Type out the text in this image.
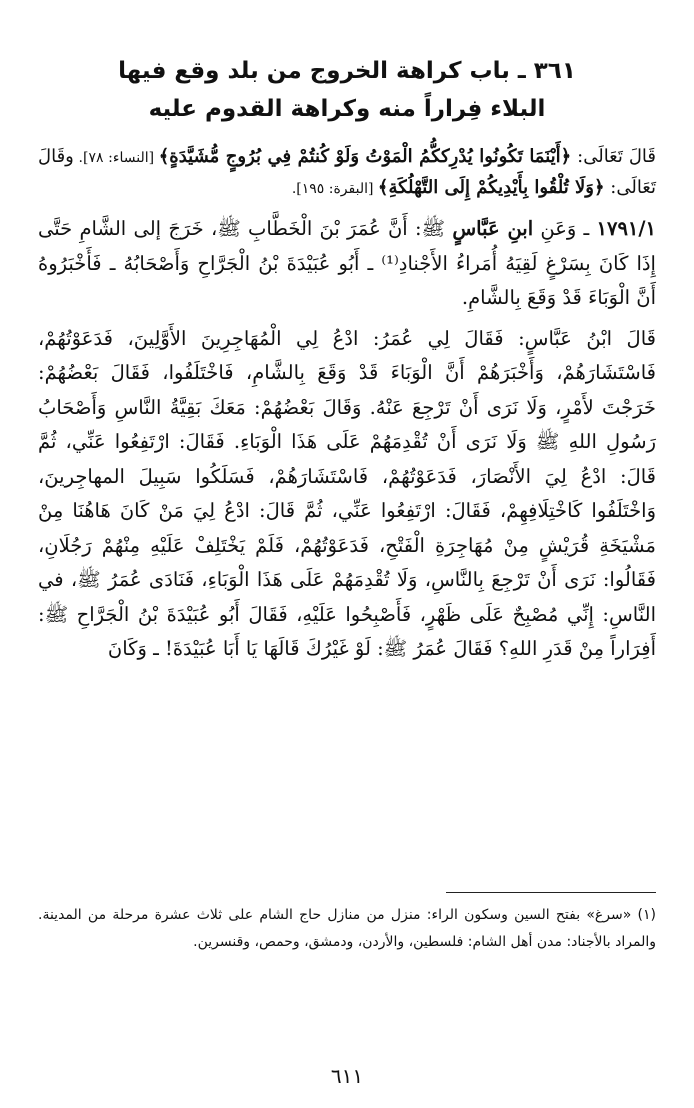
٣٦١ ـ باب كراهة الخروج من بلد وقع فيها
البلاء فِراراً منه وكراهة القدوم عليه
قَالَ تَعَالَى: ﴿أَيْنَمَا تَكُونُوا يُدْرِككُّمُ الْمَوْتُ وَلَوْ كُنتُمْ فِي بُرُوجٍ مُّشَيَّدَةٍ﴾ [النساء: ٧٨]. وقَالَ تَعَالَى: ﴿وَلَا تُلْقُوا بِأَيْدِيكُمْ إِلَى التَّهْلُكَةِ﴾ [البقرة: ١٩٥].

١٧٩١/١ ـ وَعَنِ ابنِ عَبَّاسٍ ﷺ: أَنَّ عُمَرَ بْنَ الْخَطَّابِ ﷺ، خَرَجَ إلى الشَّامِ حَتَّى إِذَا كَانَ بِسَرْغٍ لَقِيَهُ أُمَراءُ الأَجْنادِ⁽¹⁾ ـ أَبُو عُبَيْدَةَ بْنُ الْجَرَّاحِ وَأَصْحَابُهُ ـ فَأَخْبَرُوهُ أَنَّ الْوَبَاءَ قَدْ وَقَعَ بِالشَّامِ.

قَالَ ابْنُ عَبَّاسٍ: فَقَالَ لِي عُمَرُ: ادْعُ لِي الْمُهَاجِرِينَ الأَوَّلِينَ، فَدَعَوْتُهُمْ، فَاسْتَشَارَهُمْ، وَأَخْبَرَهُمْ أَنَّ الْوَبَاءَ قَدْ وَقَعَ بِالشَّامِ، فَاخْتَلَفُوا، فَقَالَ بَعْضُهُمْ: خَرَجْتَ لأَمْرٍ، وَلَا نَرَى أَنْ تَرْجِعَ عَنْهُ. وَقَالَ بَعْضُهُمْ: مَعَكَ بَقِيَّةُ النَّاسِ وَأَصْحَابُ رَسُولِ اللهِ ﷺ وَلَا نَرَى أَنْ تُقْدِمَهُمْ عَلَى هَذَا الْوَبَاءِ. فَقَالَ: ارْتَفِعُوا عَنِّي، ثُمَّ قَالَ: ادْعُ لِيَ الأَنْصَارَ، فَدَعَوْتُهُمْ، فَاسْتَشَارَهُمْ، فَسَلَكُوا سَبِيلَ المهاجِرينَ، وَاخْتَلَفُوا كَاخْتِلَافِهِمْ، فَقَالَ: ارْتَفِعُوا عَنِّي، ثُمَّ قَالَ: ادْعُ لِيَ مَنْ كَانَ هَاهُنَا مِنْ مَشْيَخَةِ قُرَيْشٍ مِنْ مُهَاجِرَةِ الْفَتْحِ، فَدَعَوْتُهُمْ، فَلَمْ يَخْتَلِفْ عَلَيْهِ مِنْهُمْ رَجُلَانِ، فَقَالُوا: نَرَى أَنْ تَرْجِعَ بِالنَّاسِ، وَلَا تُقْدِمَهُمْ عَلَى هَذَا الْوَبَاءِ، فَنَادَى عُمَرُ ﷺ، في النَّاسِ: إِنِّي مُصْبِحٌ عَلَى ظَهْرٍ، فَأَصْبِحُوا عَلَيْهِ، فَقَالَ أَبُو عُبَيْدَةَ بْنُ الْجَرَّاحِ ﷺ: أَفِرَاراً مِنْ قَدَرِ اللهِ؟ فَقَالَ عُمَرُ ﷺ: لَوْ غَيْرُكَ قَالَهَا يَا أَبَا عُبَيْدَةَ! ـ وَكَانَ

(١) «سرغ» بفتح السين وسكون الراء: منزل من منازل حاج الشام على ثلاث عشرة مرحلة من المدينة. والمراد بالأجناد: مدن أهل الشام: فلسطين، والأردن، ودمشق، وحمص، وقنسرين.
٦١١
